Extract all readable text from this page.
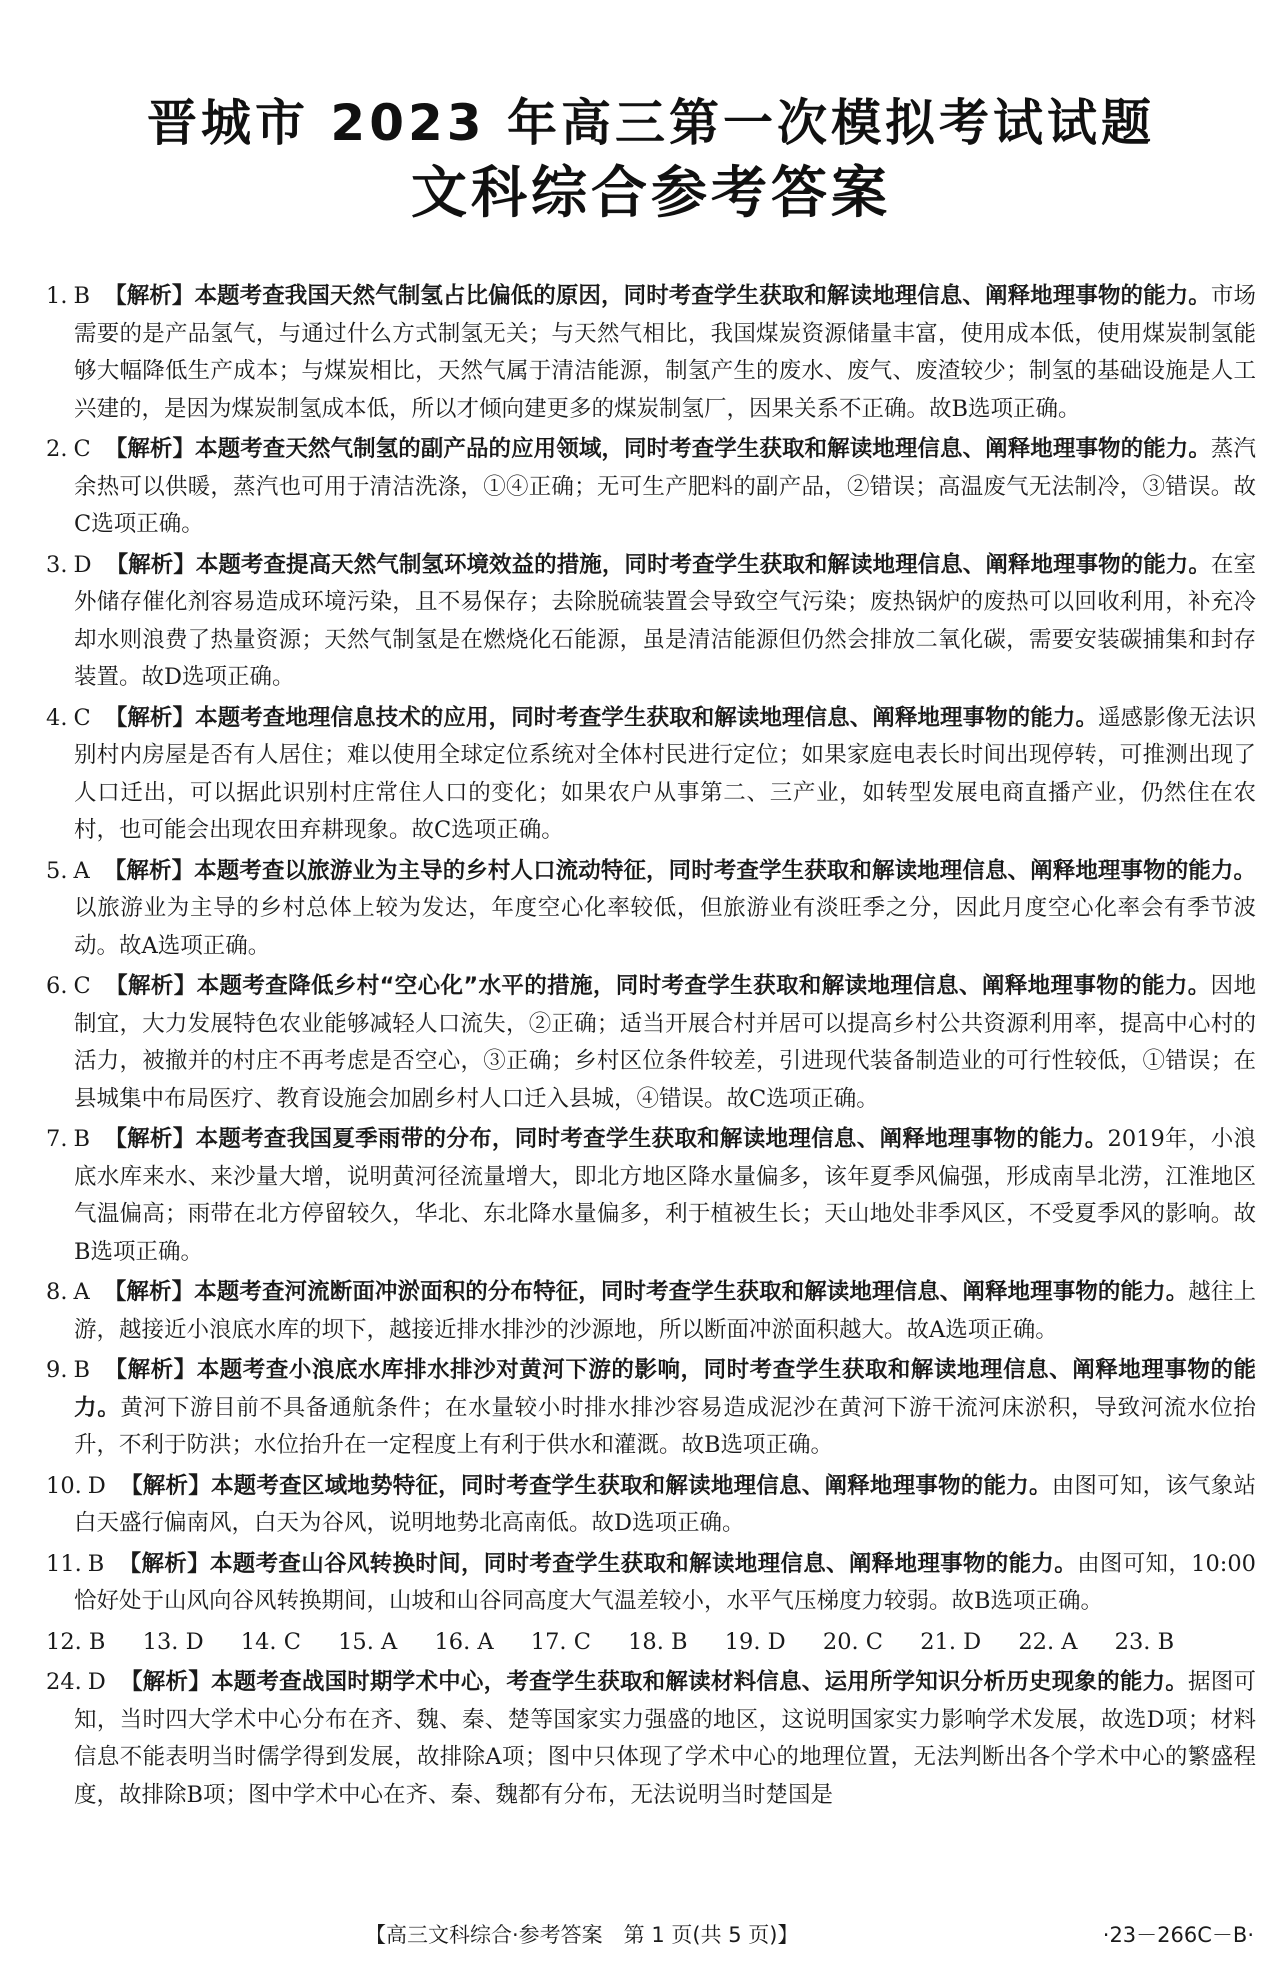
晋城市 2023 年高三第一次模拟考试试题
文科综合参考答案

1. B 【解析】本题考查我国天然气制氢占比偏低的原因，同时考查学生获取和解读地理信息、阐释地理事物的能力。市场需要的是产品氢气，与通过什么方式制氢无关；与天然气相比，我国煤炭资源储量丰富，使用成本低，使用煤炭制氢能够大幅降低生产成本；与煤炭相比，天然气属于清洁能源，制氢产生的废水、废气、废渣较少；制氢的基础设施是人工兴建的，是因为煤炭制氢成本低，所以才倾向建更多的煤炭制氢厂，因果关系不正确。故B选项正确。

2. C 【解析】本题考查天然气制氢的副产品的应用领域，同时考查学生获取和解读地理信息、阐释地理事物的能力。蒸汽余热可以供暖，蒸汽也可用于清洁洗涤，①④正确；无可生产肥料的副产品，②错误；高温废气无法制冷，③错误。故C选项正确。

3. D 【解析】本题考查提高天然气制氢环境效益的措施，同时考查学生获取和解读地理信息、阐释地理事物的能力。在室外储存催化剂容易造成环境污染，且不易保存；去除脱硫装置会导致空气污染；废热锅炉的废热可以回收利用，补充冷却水则浪费了热量资源；天然气制氢是在燃烧化石能源，虽是清洁能源但仍然会排放二氧化碳，需要安装碳捕集和封存装置。故D选项正确。

4. C 【解析】本题考查地理信息技术的应用，同时考查学生获取和解读地理信息、阐释地理事物的能力。遥感影像无法识别村内房屋是否有人居住；难以使用全球定位系统对全体村民进行定位；如果家庭电表长时间出现停转，可推测出现了人口迁出，可以据此识别村庄常住人口的变化；如果农户从事第二、三产业，如转型发展电商直播产业，仍然住在农村，也可能会出现农田弃耕现象。故C选项正确。

5. A 【解析】本题考查以旅游业为主导的乡村人口流动特征，同时考查学生获取和解读地理信息、阐释地理事物的能力。以旅游业为主导的乡村总体上较为发达，年度空心化率较低，但旅游业有淡旺季之分，因此月度空心化率会有季节波动。故A选项正确。

6. C 【解析】本题考查降低乡村“空心化”水平的措施，同时考查学生获取和解读地理信息、阐释地理事物的能力。因地制宜，大力发展特色农业能够减轻人口流失，②正确；适当开展合村并居可以提高乡村公共资源利用率，提高中心村的活力，被撤并的村庄不再考虑是否空心，③正确；乡村区位条件较差，引进现代装备制造业的可行性较低，①错误；在县城集中布局医疗、教育设施会加剧乡村人口迁入县城，④错误。故C选项正确。

7. B 【解析】本题考查我国夏季雨带的分布，同时考查学生获取和解读地理信息、阐释地理事物的能力。2019年，小浪底水库来水、来沙量大增，说明黄河径流量增大，即北方地区降水量偏多，该年夏季风偏强，形成南旱北涝，江淮地区气温偏高；雨带在北方停留较久，华北、东北降水量偏多，利于植被生长；天山地处非季风区，不受夏季风的影响。故B选项正确。

8. A 【解析】本题考查河流断面冲淤面积的分布特征，同时考查学生获取和解读地理信息、阐释地理事物的能力。越往上游，越接近小浪底水库的坝下，越接近排水排沙的沙源地，所以断面冲淤面积越大。故A选项正确。

9. B 【解析】本题考查小浪底水库排水排沙对黄河下游的影响，同时考查学生获取和解读地理信息、阐释地理事物的能力。黄河下游目前不具备通航条件；在水量较小时排水排沙容易造成泥沙在黄河下游干流河床淤积，导致河流水位抬升，不利于防洪；水位抬升在一定程度上有利于供水和灌溉。故B选项正确。

10. D 【解析】本题考查区域地势特征，同时考查学生获取和解读地理信息、阐释地理事物的能力。由图可知，该气象站白天盛行偏南风，白天为谷风，说明地势北高南低。故D选项正确。

11. B 【解析】本题考查山谷风转换时间，同时考查学生获取和解读地理信息、阐释地理事物的能力。由图可知，10:00恰好处于山风向谷风转换期间，山坡和山谷同高度大气温差较小，水平气压梯度力较弱。故B选项正确。

12. B 13. D 14. C 15. A 16. A 17. C 18. B 19. D 20. C 21. D 22. A 23. B

24. D 【解析】本题考查战国时期学术中心，考查学生获取和解读材料信息、运用所学知识分析历史现象的能力。据图可知，当时四大学术中心分布在齐、魏、秦、楚等国家实力强盛的地区，这说明国家实力影响学术发展，故选D项；材料信息不能表明当时儒学得到发展，故排除A项；图中只体现了学术中心的地理位置，无法判断出各个学术中心的繁盛程度，故排除B项；图中学术中心在齐、秦、魏都有分布，无法说明当时楚国是

【高三文科综合·参考答案　第 1 页(共 5 页)】	·23－266C－B·
